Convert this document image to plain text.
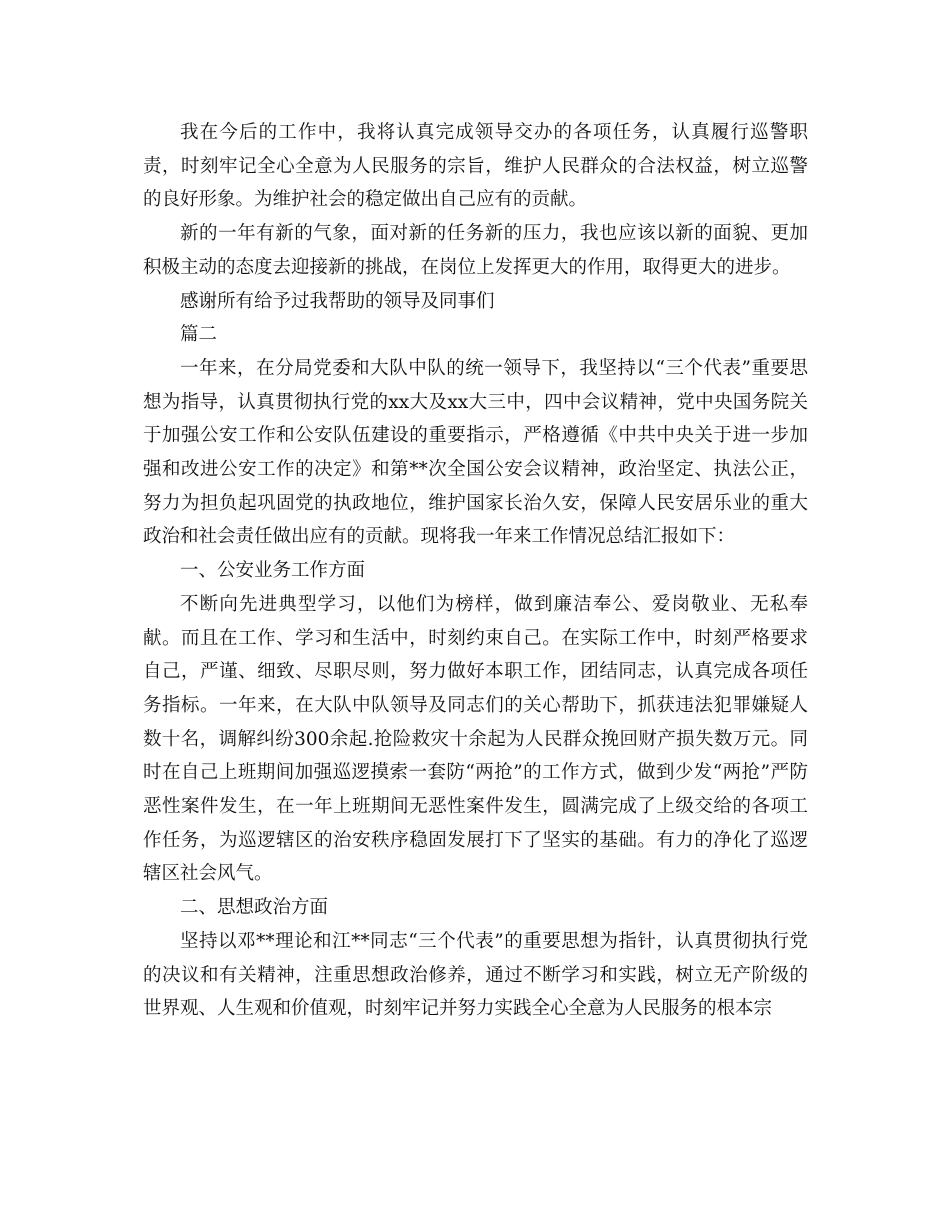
我在今后的工作中，我将认真完成领导交办的各项任务，认真履行巡警职责，时刻牢记全心全意为人民服务的宗旨，维护人民群众的合法权益，树立巡警的良好形象。为维护社会的稳定做出自己应有的贡献。

新的一年有新的气象，面对新的任务新的压力，我也应该以新的面貌、更加积极主动的态度去迎接新的挑战，在岗位上发挥更大的作用，取得更大的进步。

感谢所有给予过我帮助的领导及同事们

篇二

一年来，在分局党委和大队中队的统一领导下，我坚持以“三个代表”重要思想为指导，认真贯彻执行党的xx大及xx大三中，四中会议精神，党中央国务院关于加强公安工作和公安队伍建设的重要指示，严格遵循《中共中央关于进一步加强和改进公安工作的决定》和第**次全国公安会议精神，政治坚定、执法公正，努力为担负起巩固党的执政地位，维护国家长治久安，保障人民安居乐业的重大政治和社会责任做出应有的贡献。现将我一年来工作情况总结汇报如下：

一、公安业务工作方面

不断向先进典型学习，以他们为榜样，做到廉洁奉公、爱岗敬业、无私奉献。而且在工作、学习和生活中，时刻约束自己。在实际工作中，时刻严格要求自己，严谨、细致、尽职尽则，努力做好本职工作，团结同志，认真完成各项任务指标。一年来，在大队中队领导及同志们的关心帮助下，抓获违法犯罪嫌疑人数十名，调解纠纷300余起.抢险救灾十余起为人民群众挽回财产损失数万元。同时在自己上班期间加强巡逻摸索一套防“两抢”的工作方式，做到少发“两抢”严防恶性案件发生，在一年上班期间无恶性案件发生，圆满完成了上级交给的各项工作任务，为巡逻辖区的治安秩序稳固发展打下了坚实的基础。有力的净化了巡逻辖区社会风气。

二、思想政治方面

坚持以邓**理论和江**同志“三个代表”的重要思想为指针，认真贯彻执行党的决议和有关精神，注重思想政治修养，通过不断学习和实践，树立无产阶级的世界观、人生观和价值观，时刻牢记并努力实践全心全意为人民服务的根本宗
